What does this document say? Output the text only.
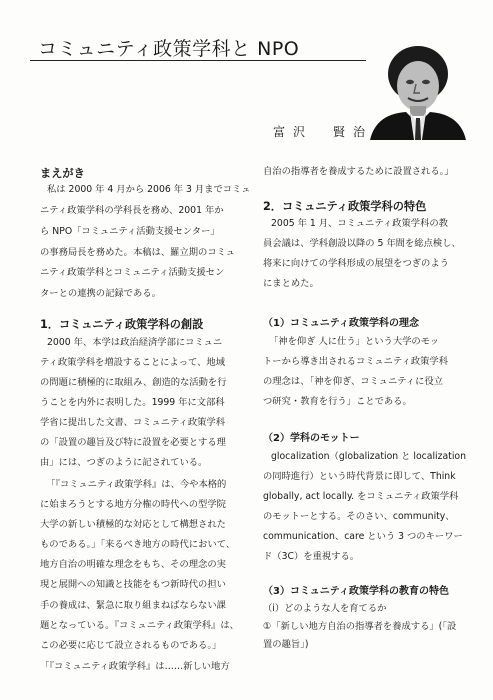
コミュニティ政策学科と NPO
富沢　賢治
まえがき
私は 2000 年 4 月から 2006 年 3 月までコミュ
ニティ政策学科の学科長を務め、2001 年か
ら NPO「コミュニティ活動支援センター」
の事務局長を務めた。本稿は、羅立期のコミュ
ニティ政策学科とコミュニティ活動支援セン
ターとの連携の記録である。
1．コミュニティ政策学科の創設
2000 年、本学は政治経済学部にコミュニ
ティ政策学科を増設することによって、地域
の問題に積極的に取組み、創造的な活動を行
うことを内外に表明した。1999 年に文部科
学省に提出した文書、コミュニティ政策学科
の「設置の趣旨及び特に設置を必要とする理
由」には、つぎのように記されている。
「『コミュニティ政策学科』は、今や本格的
に始まろうとする地方分権の時代への型学院
大学の新しい積極的な対応として構想された
ものである。」「来るべき地方の時代において、
地方自治の明確な理念をもち、その理念の実
現と展開への知識と技能をもつ新時代の担い
手の養成は、緊急に取り組まねばならない課
題となっている。『コミュニティ政策学科』は、
この必要に応じて設立されるものである。」
「『コミュニティ政策学科』は……新しい地方
自治の指導者を養成するために設置される。」
2．コミュニティ政策学科の特色
2005 年 1 月、コミュニティ政策学科の教
員会議は、学科創設以降の 5 年間を総点検し、
将来に向けての学科形成の展望をつぎのよう
にまとめた。
（1）コミュニティ政策学科の理念
「神を仰ぎ 人に仕う」という大学のモッ
トーから導き出されるコミュニティ政策学科
の理念は、「神を仰ぎ、コミュニティに役立
つ研究・教育を行う」ことである。
（2）学科のモットー
glocalization（globalization と localization
の同時進行）という時代背景に即して、Think
globally, act locally. をコミュニティ政策学科
のモットーとする。そのさい、community、
communication、care という 3 つのキーワー
ド（3C）を重視する。
（3）コミュニティ政策学科の教育の特色
（ⅰ）どのような人を育てるか
①「新しい地方自治の指導者を養成する」(「設
置の趣旨」)
